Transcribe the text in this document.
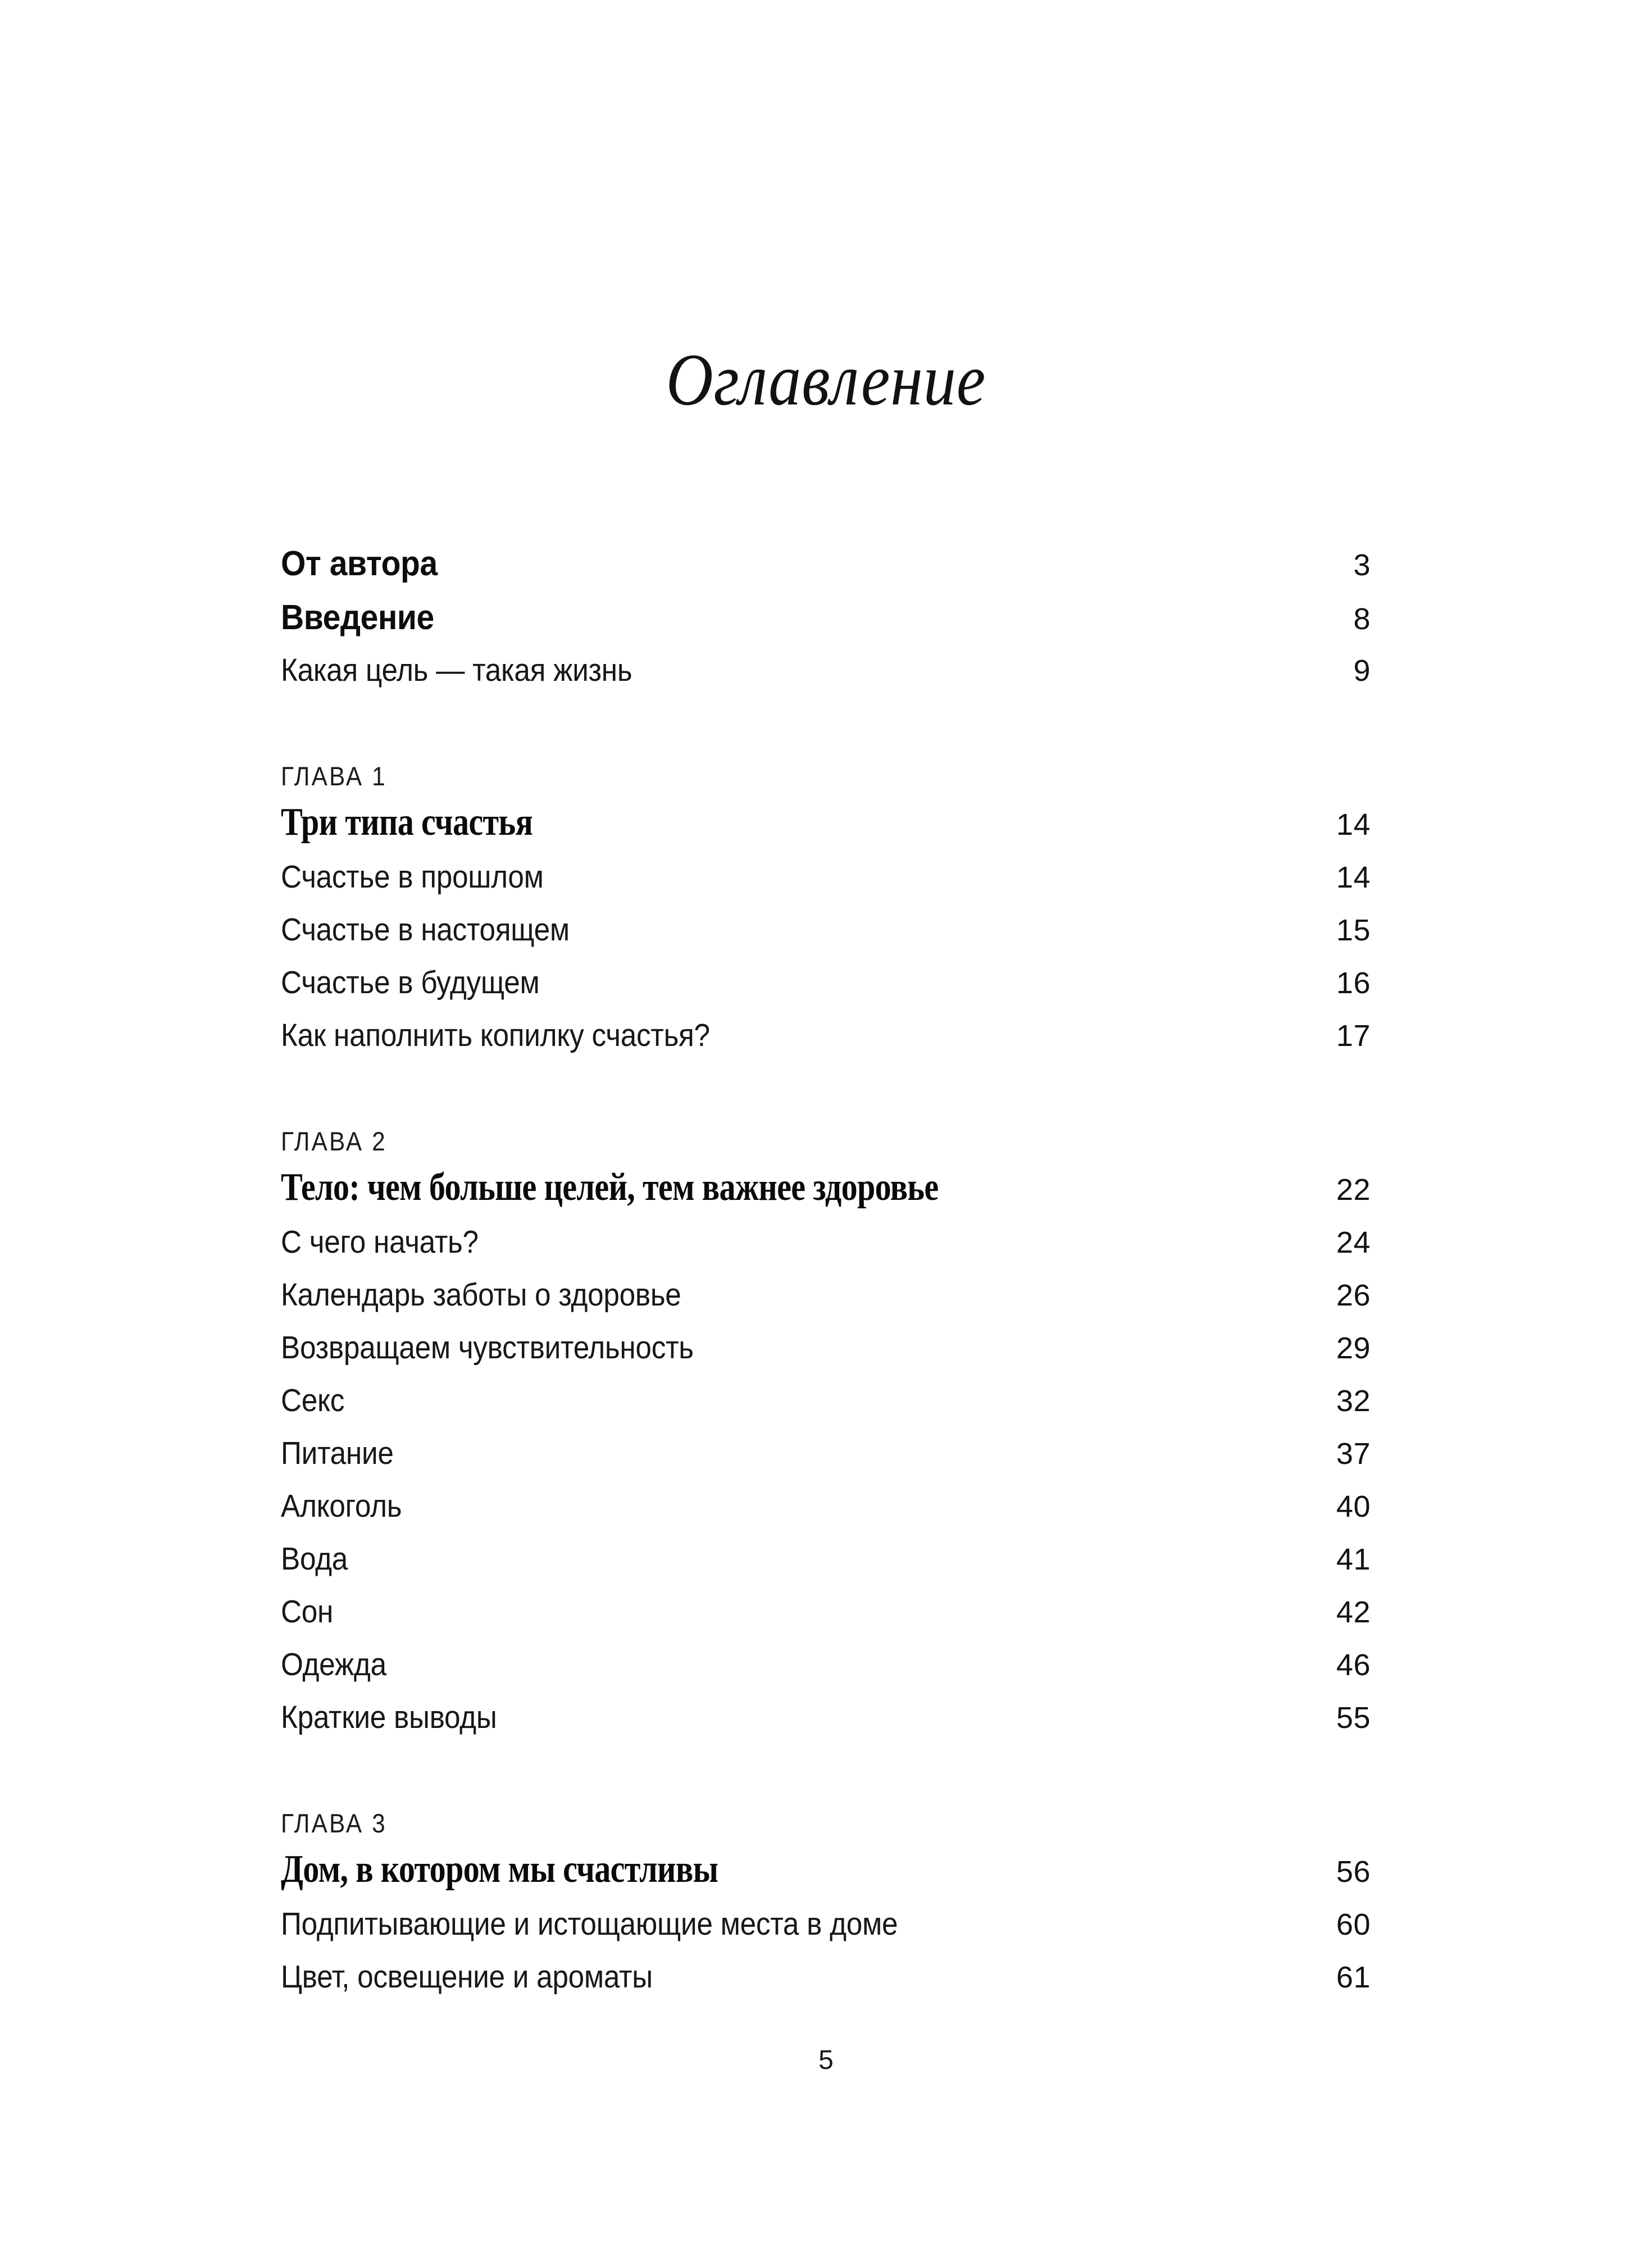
Оглавление
От автора .....	3
Введение .....	8
Какая цель — такая жизнь .....	9
ГЛАВА 1
Три типа счастья .....	14
Счастье в прошлом .....	14
Счастье в настоящем .....	15
Счастье в будущем .....	16
Как наполнить копилку счастья? .....	17
ГЛАВА 2
Тело: чем больше целей, тем важнее здоровье .....	22
С чего начать? .....	24
Календарь заботы о здоровье .....	26
Возвращаем чувствительность .....	29
Секс .....	32
Питание .....	37
Алкоголь .....	40
Вода .....	41
Сон .....	42
Одежда .....	46
Краткие выводы .....	55
ГЛАВА 3
Дом, в котором мы счастливы .....	56
Подпитывающие и истощающие места в доме .....	60
Цвет, освещение и ароматы .....	61
5
